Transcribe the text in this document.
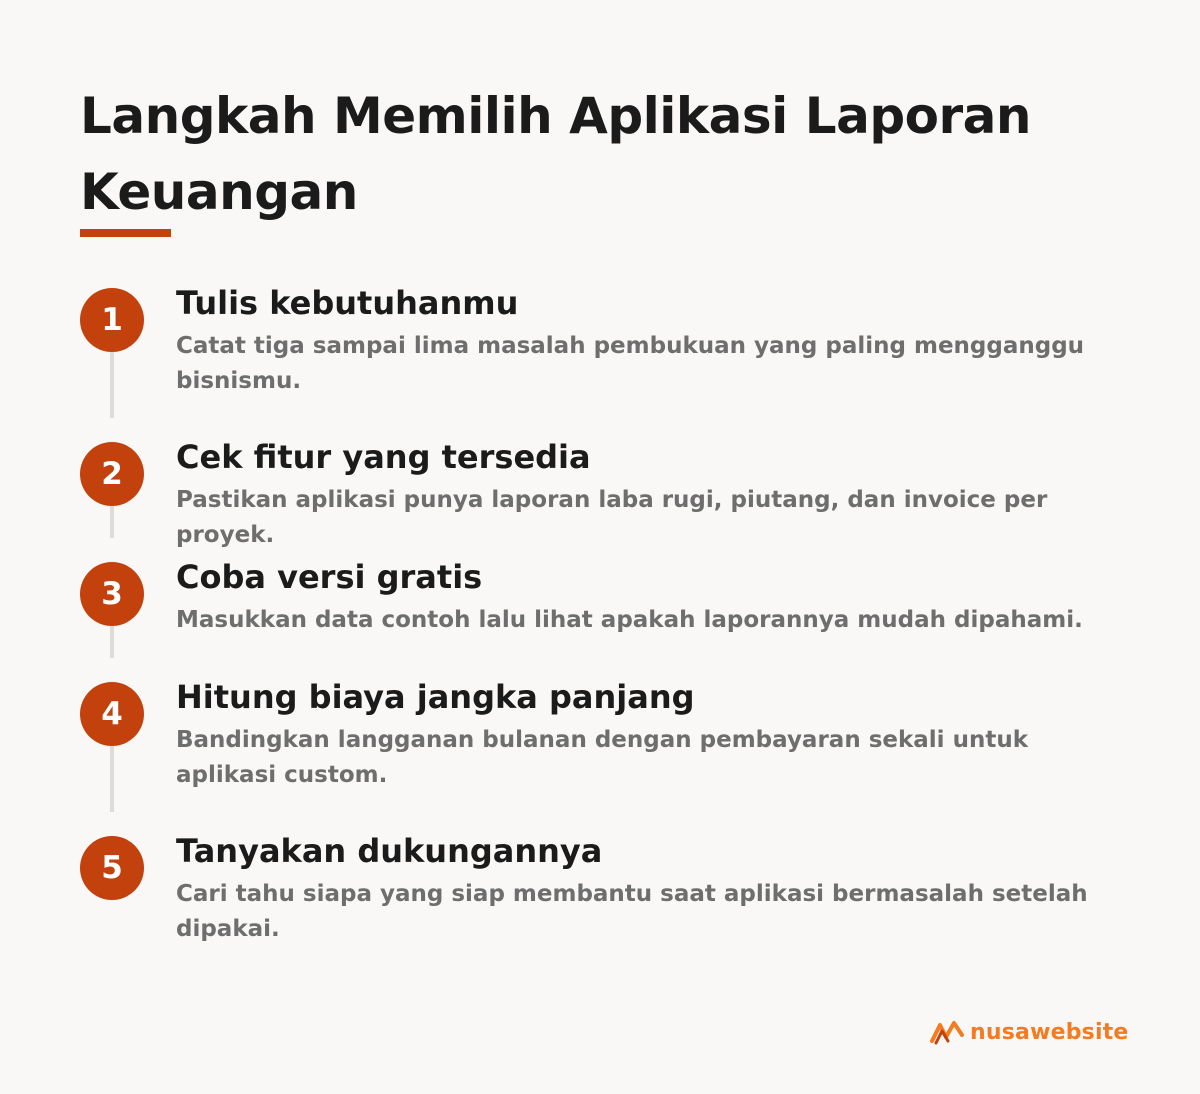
Langkah Memilih Aplikasi Laporan Keuangan
1	Tulis kebutuhanmu

Catat tiga sampai lima masalah pembukuan yang paling mengganggu bisnismu.

2	Cek fitur yang tersedia

Pastikan aplikasi punya laporan laba rugi, piutang, dan invoice per proyek.

3	Coba versi gratis

Masukkan data contoh lalu lihat apakah laporannya mudah dipahami.

4	Hitung biaya jangka panjang

Bandingkan langganan bulanan dengan pembayaran sekali untuk aplikasi custom.

5	Tanyakan dukungannya

Cari tahu siapa yang siap membantu saat aplikasi bermasalah setelah dipakai.

nusawebsite
